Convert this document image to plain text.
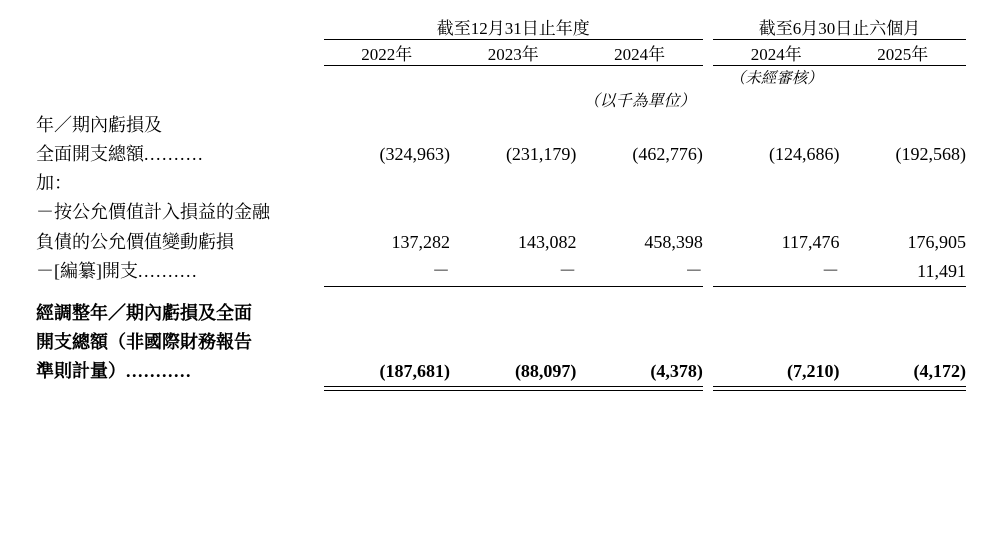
	截至12月31日止年度				截至6月30日止六個月	
	2022年	2023年	2024年		2024年	2025年
					（未經審核）	
			（以千為單位）			
年／期內虧損及						
全面開支總額..........	(324,963)	(231,179)	(462,776)		(124,686)	(192,568)
加：						
－按公允價值計入損益的金融						
負債的公允價值變動虧損	137,282	143,082	458,398		117,476	176,905
－[編纂]開支..........	－	－	－		－	11,491

經調整年／期內虧損及全面						
開支總額（非國際財務報告						
準則計量）...........	(187,681)	(88,097)	(4,378)		(7,210)	(4,172)
